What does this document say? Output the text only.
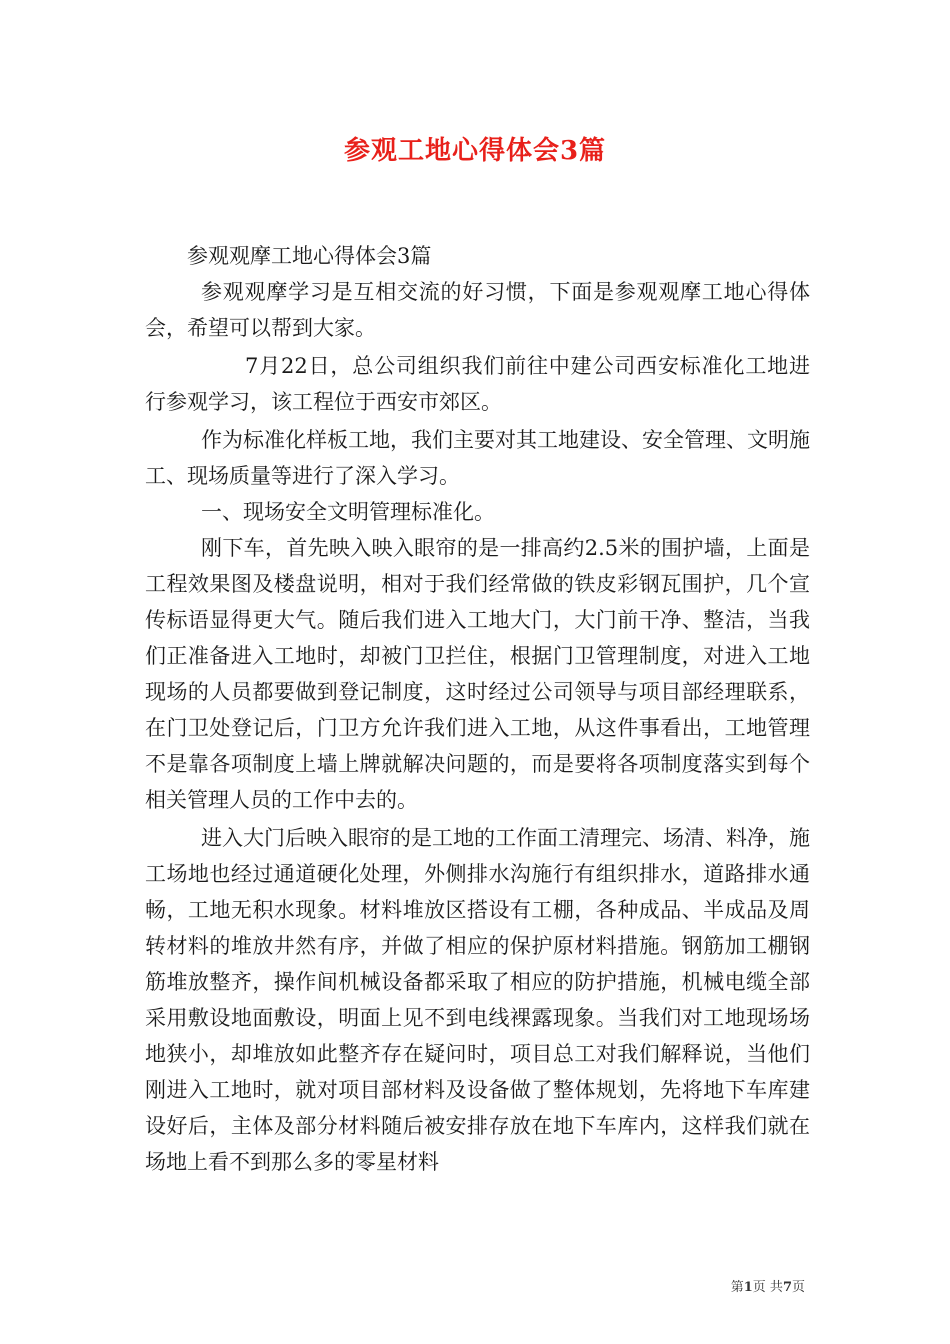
参观工地心得体会3篇

参观观摩工地心得体会3篇

参观观摩学习是互相交流的好习惯，下面是参观观摩工地心得体会，希望可以帮到大家。

7月22日，总公司组织我们前往中建公司西安标准化工地进行参观学习，该工程位于西安市郊区。

作为标准化样板工地，我们主要对其工地建设、安全管理、文明施工、现场质量等进行了深入学习。

一、现场安全文明管理标准化。

刚下车，首先映入映入眼帘的是一排高约2.5米的围护墙，上面是工程效果图及楼盘说明，相对于我们经常做的铁皮彩钢瓦围护，几个宣传标语显得更大气。随后我们进入工地大门，大门前干净、整洁，当我们正准备进入工地时，却被门卫拦住，根据门卫管理制度，对进入工地现场的人员都要做到登记制度，这时经过公司领导与项目部经理联系，在门卫处登记后，门卫方允许我们进入工地，从这件事看出，工地管理不是靠各项制度上墙上牌就解决问题的，而是要将各项制度落实到每个相关管理人员的工作中去的。

进入大门后映入眼帘的是工地的工作面工清理完、场清、料净，施工场地也经过通道硬化处理，外侧排水沟施行有组织排水，道路排水通畅，工地无积水现象。材料堆放区搭设有工棚，各种成品、半成品及周转材料的堆放井然有序，并做了相应的保护原材料措施。钢筋加工棚钢筋堆放整齐，操作间机械设备都采取了相应的防护措施，机械电缆全部采用敷设地面敷设，明面上见不到电线裸露现象。当我们对工地现场场地狭小，却堆放如此整齐存在疑问时，项目总工对我们解释说，当他们刚进入工地时，就对项目部材料及设备做了整体规划，先将地下车库建设好后，主体及部分材料随后被安排存放在地下车库内，这样我们就在场地上看不到那么多的零星材料

第1页 共7页
